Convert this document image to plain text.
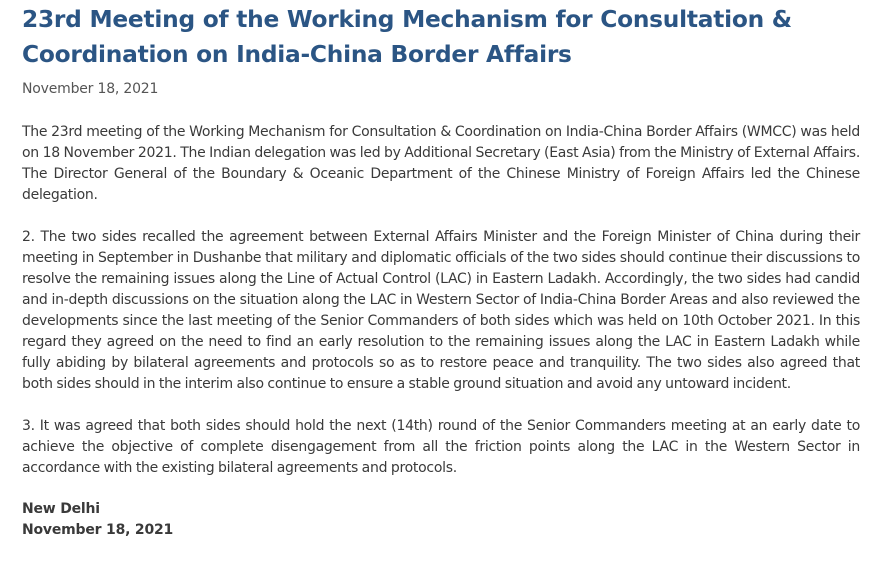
23rd Meeting of the Working Mechanism for Consultation & Coordination on India-China Border Affairs
November 18, 2021

The 23rd meeting of the Working Mechanism for Consultation & Coordination on India-China Border Affairs (WMCC) was held on 18 November 2021. The Indian delegation was led by Additional Secretary (East Asia) from the Ministry of External Affairs. The Director General of the Boundary & Oceanic Department of the Chinese Ministry of Foreign Affairs led the Chinese delegation.

2. The two sides recalled the agreement between External Affairs Minister and the Foreign Minister of China during their meeting in September in Dushanbe that military and diplomatic officials of the two sides should continue their discussions to resolve the remaining issues along the Line of Actual Control (LAC) in Eastern Ladakh. Accordingly, the two sides had candid and in-depth discussions on the situation along the LAC in Western Sector of India-China Border Areas and also reviewed the developments since the last meeting of the Senior Commanders of both sides which was held on 10th October 2021. In this regard they agreed on the need to find an early resolution to the remaining issues along the LAC in Eastern Ladakh while fully abiding by bilateral agreements and protocols so as to restore peace and tranquility. The two sides also agreed that both sides should in the interim also continue to ensure a stable ground situation and avoid any untoward incident.

3. It was agreed that both sides should hold the next (14th) round of the Senior Commanders meeting at an early date to achieve the objective of complete disengagement from all the friction points along the LAC in the Western Sector in accordance with the existing bilateral agreements and protocols.

New Delhi
November 18, 2021
